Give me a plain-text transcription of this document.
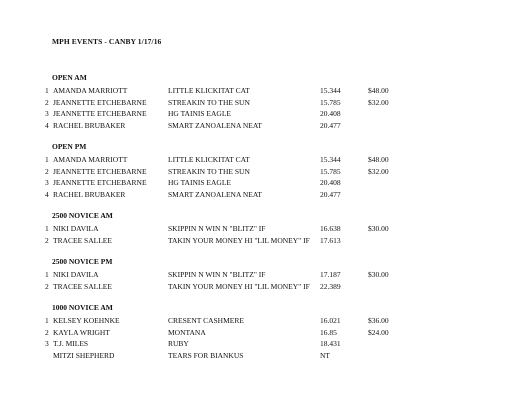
MPH EVENTS - CANBY 1/17/16
OPEN AM
1 AMANDA MARRIOTT	LITTLE KLICKITAT CAT	15.344	$48.00
2 JEANNETTE ETCHEBARNE	STREAKIN TO THE SUN	15.785	$32.00
3 JEANNETTE ETCHEBARNE	HG TAINIS EAGLE	20.408
4 RACHEL BRUBAKER	SMART ZANOALENA NEAT	20.477
OPEN PM
1 AMANDA MARRIOTT	LITTLE KLICKITAT CAT	15.344	$48.00
2 JEANNETTE ETCHEBARNE	STREAKIN TO THE SUN	15.785	$32.00
3 JEANNETTE ETCHEBARNE	HG TAINIS EAGLE	20.408
4 RACHEL BRUBAKER	SMART ZANOALENA NEAT	20.477
2500 NOVICE AM
1 NIKI DAVILA	SKIPPIN N WIN N "BLITZ" IF	16.638	$30.00
2 TRACEE SALLEE	TAKIN YOUR MONEY HI "LIL MONEY" IF 17.613
2500 NOVICE PM
1 NIKI DAVILA	SKIPPIN N WIN N "BLITZ" IF	17.187	$30.00
2 TRACEE SALLEE	TAKIN YOUR MONEY HI "LIL MONEY" IF 22.389
1000 NOVICE AM
1 KELSEY KOEHNKE	CRESENT CASHMERE	16.021	$36.00
2 KAYLA WRIGHT	MONTANA	16.85	$24.00
3 T.J. MILES	RUBY	18.431
MITZI SHEPHERD	TEARS FOR BIANKUS	NT
